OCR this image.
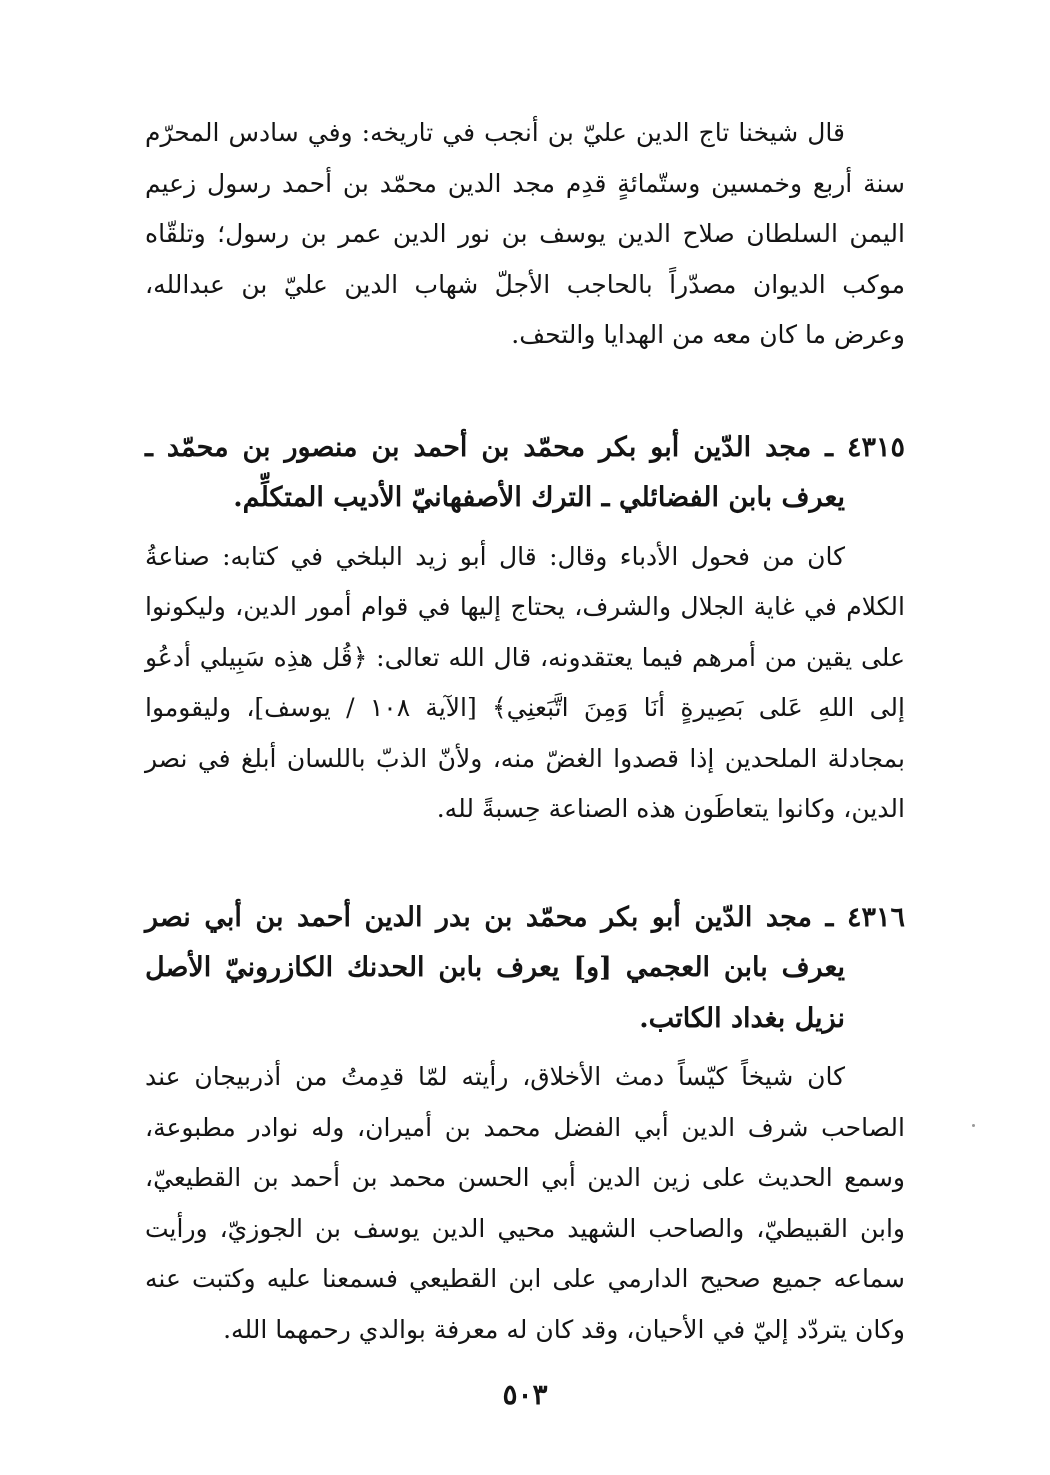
قال شيخنا تاج الدين عليّ بن أنجب في تاريخه: وفي سادس المحرّم سنة أربع وخمسين وستّمائةٍ قدِم مجد الدين محمّد بن أحمد رسول زعيم اليمن السلطان صلاح الدين يوسف بن نور الدين عمر بن رسول؛ وتلقّاه موكب الديوان مصدّراً بالحاجب الأجلّ شهاب الدين عليّ بن عبدالله، وعرض ما كان معه من الهدايا والتحف.

٤٣١٥ ـ مجد الدّين أبو بكر محمّد بن أحمد بن منصور بن محمّد ـ يعرف بابن الفضائلي ـ الترك الأصفهانيّ الأديب المتكلِّم.

كان من فحول الأدباء وقال: قال أبو زيد البلخي في كتابه: صناعةُ الكلام في غاية الجلال والشرف، يحتاج إليها في قوام أمور الدين، وليكونوا على يقين من أمرهم فيما يعتقدونه، قال الله تعالى: ﴿قُل هذِه سَبِيلي أدعُو إلى اللهِ عَلى بَصِيرةٍ أنَا وَمِنَ اتَّبَعنِي﴾ [الآية ١٠٨ / يوسف]، وليقوموا بمجادلة الملحدين إذا قصدوا الغضّ منه، ولأنّ الذبّ باللسان أبلغ في نصر الدين، وكانوا يتعاطَون هذه الصناعة حِسبةً لله.

٤٣١٦ ـ مجد الدّين أبو بكر محمّد بن بدر الدين أحمد بن أبي نصر يعرف بابن العجمي [و] يعرف بابن الحدنك الكازرونيّ الأصل نزيل بغداد الكاتب.

كان شيخاً كيّساً دمث الأخلاق، رأيته لمّا قدِمتُ من أذربيجان عند الصاحب شرف الدين أبي الفضل محمد بن أميران، وله نوادر مطبوعة، وسمع الحديث على زين الدين أبي الحسن محمد بن أحمد بن القطيعيّ، وابن القبيطيّ، والصاحب الشهيد محيي الدين يوسف بن الجوزيّ، ورأيت سماعه جميع صحيح الدارمي على ابن القطيعي فسمعنا عليه وكتبت عنه وكان يتردّد إليّ في الأحيان، وقد كان له معرفة بوالدي رحمهما الله.

٥٠٣
